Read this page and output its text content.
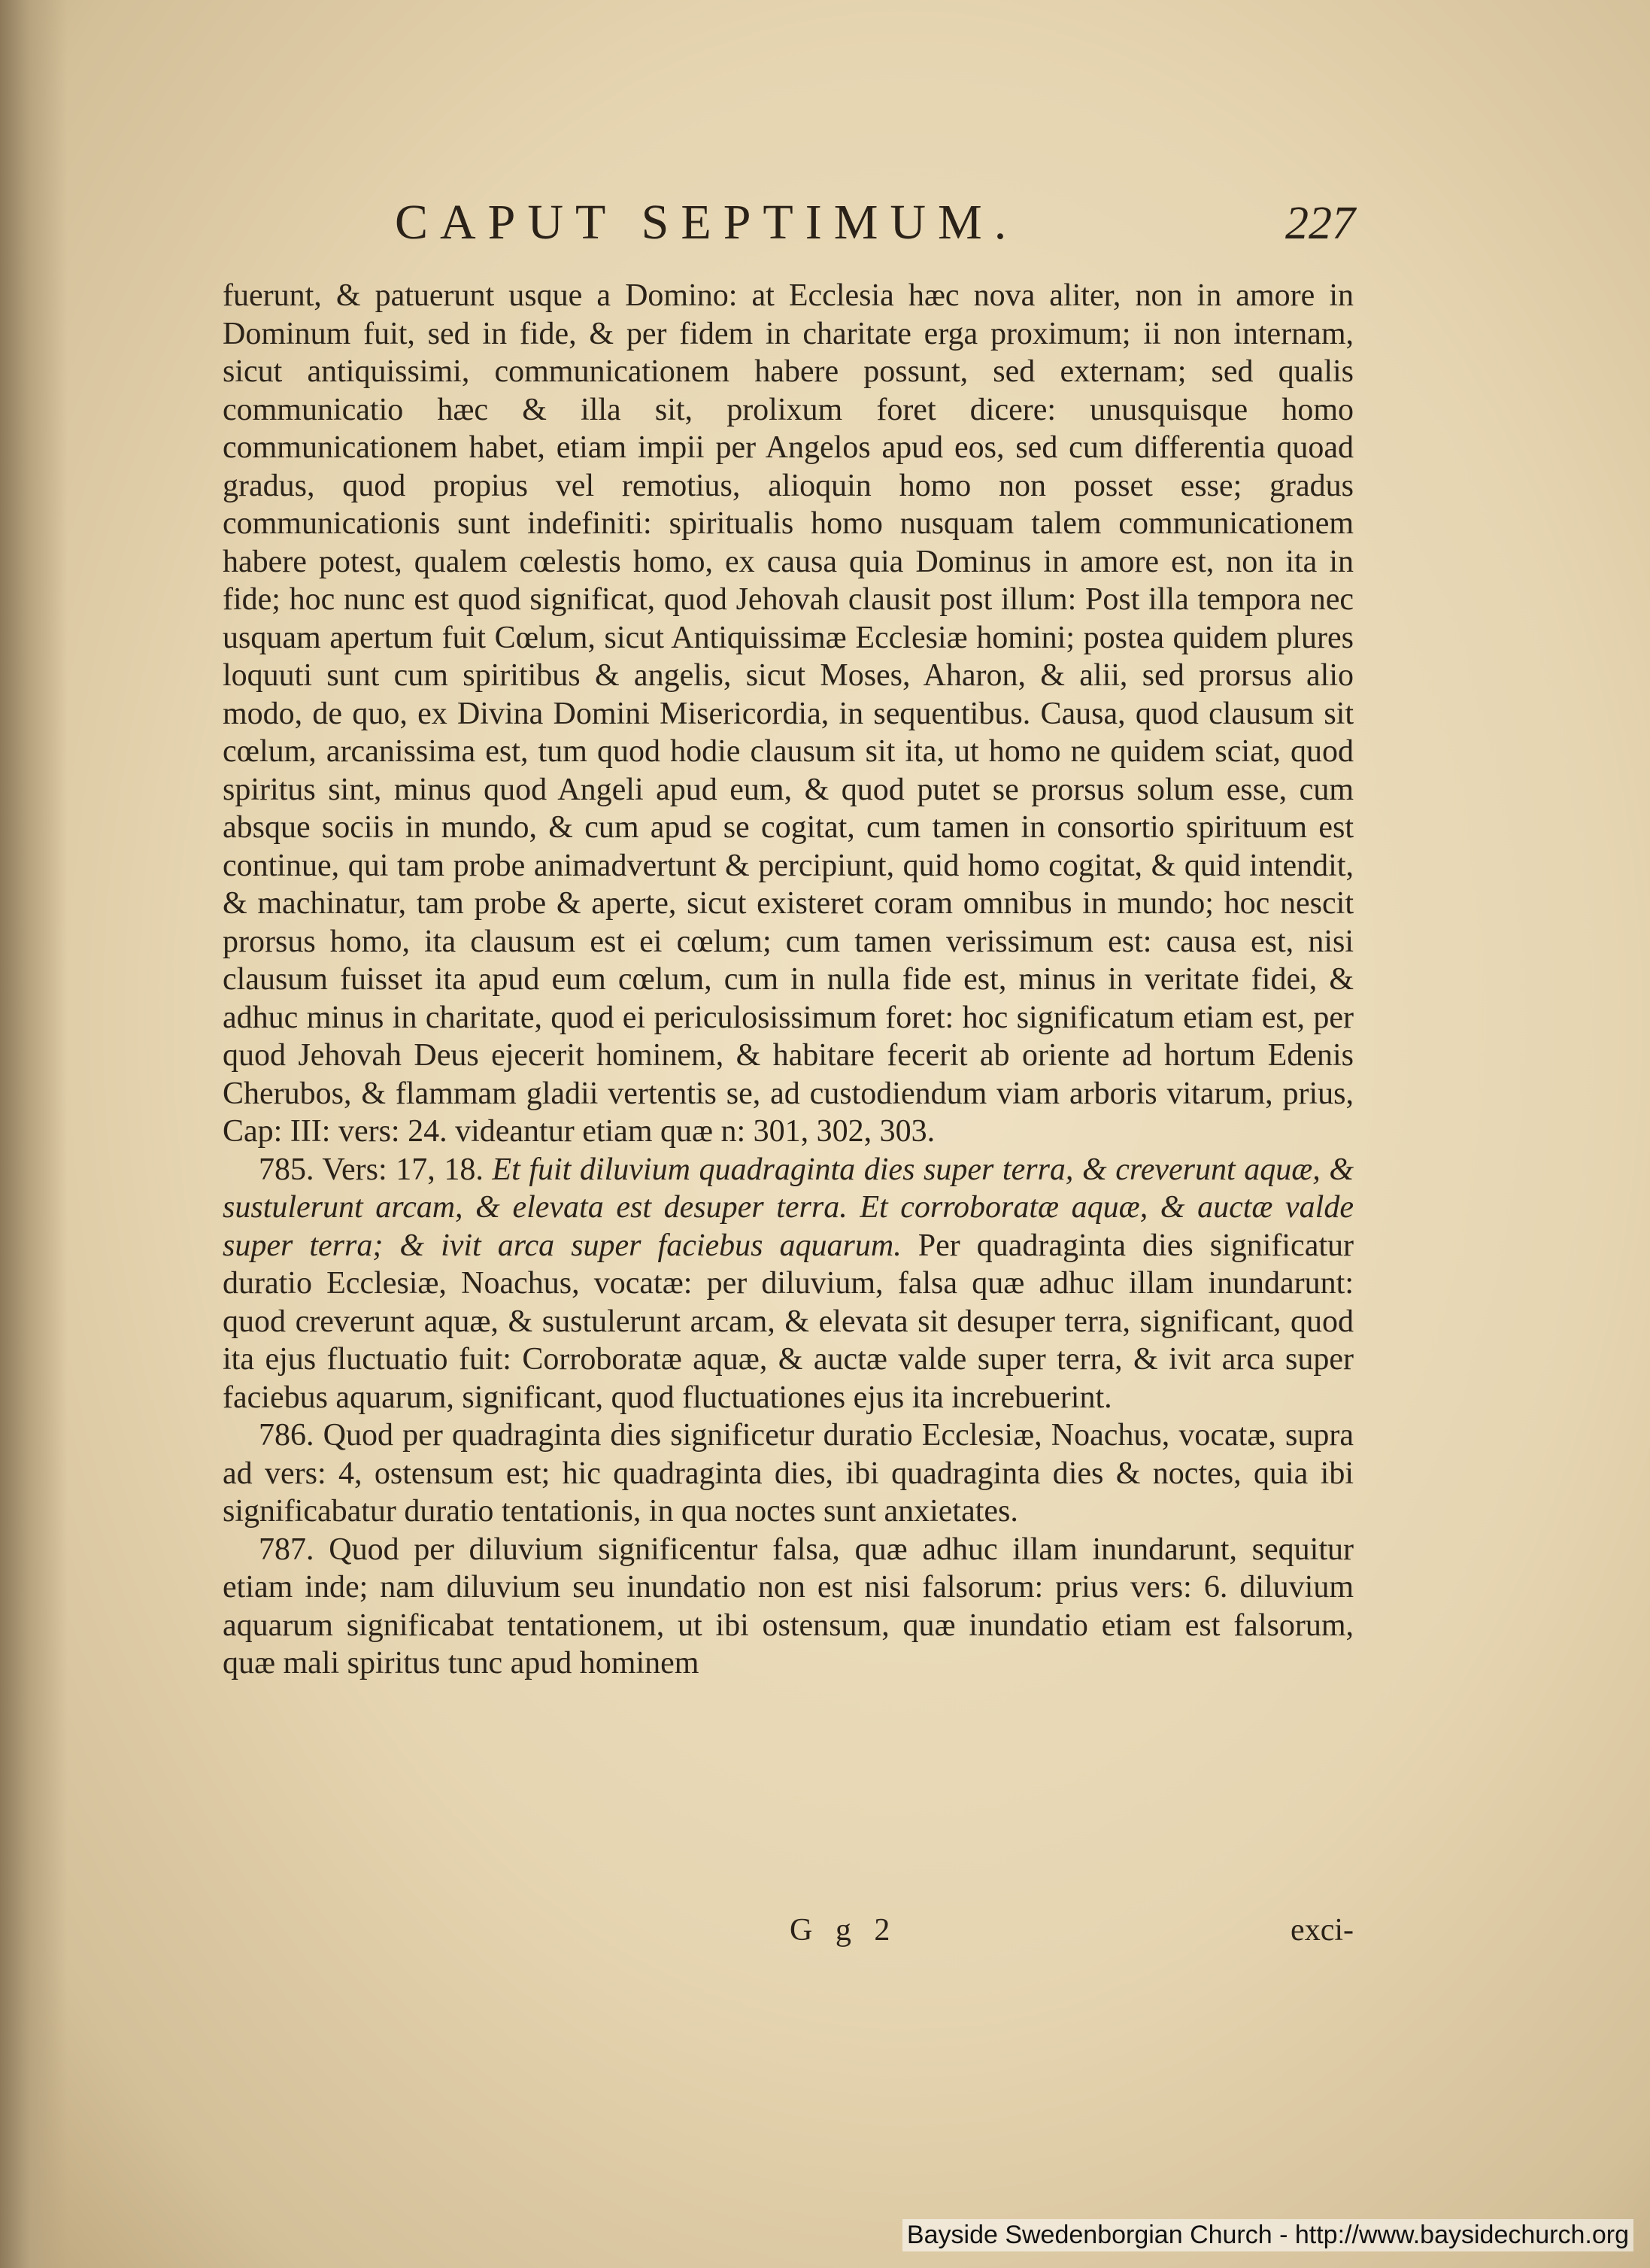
CAPUT SEPTIMUM.	227

fuerunt, & patuerunt usque a Domino: at Ecclesia hæc nova aliter, non in amore in Dominum fuit, sed in fide, & per fidem in charitate erga proximum; ii non internam, sicut antiquissimi, communicationem habere possunt, sed externam; sed qualis communicatio hæc & illa sit, prolixum foret dicere: unusquisque homo communicationem habet, etiam impii per Angelos apud eos, sed cum differentia quoad gradus, quod propius vel remotius, alioquin homo non posset esse; gradus communicationis sunt indefiniti: spiritualis homo nusquam talem communicationem habere potest, qualem cœlestis homo, ex causa quia Dominus in amore est, non ita in fide; hoc nunc est quod significat, quod Jehovah clausit post illum: Post illa tempora nec usquam apertum fuit Cœlum, sicut Antiquissimæ Ecclesiæ homini; postea quidem plures loquuti sunt cum spiritibus & angelis, sicut Moses, Aharon, & alii, sed prorsus alio modo, de quo, ex Divina Domini Misericordia, in sequentibus. Causa, quod clausum sit cœlum, arcanissima est, tum quod hodie clausum sit ita, ut homo ne quidem sciat, quod spiritus sint, minus quod Angeli apud eum, & quod putet se prorsus solum esse, cum absque sociis in mundo, & cum apud se cogitat, cum tamen in consortio spirituum est continue, qui tam probe animadvertunt & percipiunt, quid homo cogitat, & quid intendit, & machinatur, tam probe & aperte, sicut existeret coram omnibus in mundo; hoc nescit prorsus homo, ita clausum est ei cœlum; cum tamen verissimum est: causa est, nisi clausum fuisset ita apud eum cœlum, cum in nulla fide est, minus in veritate fidei, & adhuc minus in charitate, quod ei periculosissimum foret: hoc significatum etiam est, per quod Jehovah Deus ejecerit hominem, & habitare fecerit ab oriente ad hortum Edenis Cherubos, & flammam gladii vertentis se, ad custodiendum viam arboris vitarum, prius, Cap: III: vers: 24. videantur etiam quæ n: 301, 302, 303.

785. Vers: 17, 18. Et fuit diluvium quadraginta dies super terra, & creverunt aquæ, & sustulerunt arcam, & elevata est desuper terra. Et corroboratæ aquæ, & auctæ valde super terra; & ivit arca super faciebus aquarum. Per quadraginta dies significatur duratio Ecclesiæ, Noachus, vocatæ: per diluvium, falsa quæ adhuc illam inundarunt: quod creverunt aquæ, & sustulerunt arcam, & elevata sit desuper terra, significant, quod ita ejus fluctuatio fuit: Corroboratæ aquæ, & auctæ valde super terra, & ivit arca super faciebus aquarum, significant, quod fluctuationes ejus ita increbuerint.

786. Quod per quadraginta dies significetur duratio Ecclesiæ, Noachus, vocatæ, supra ad vers: 4, ostensum est; hic quadraginta dies, ibi quadraginta dies & noctes, quia ibi significabatur duratio tentationis, in qua noctes sunt anxietates.

787. Quod per diluvium significentur falsa, quæ adhuc illam inundarunt, sequitur etiam inde; nam diluvium seu inundatio non est nisi falsorum: prius vers: 6. diluvium aquarum significabat tentationem, ut ibi ostensum, quæ inundatio etiam est falsorum, quæ mali spiritus tunc apud hominem

G g 2	exci-
Bayside Swedenborgian Church - http://www.baysidechurch.org
